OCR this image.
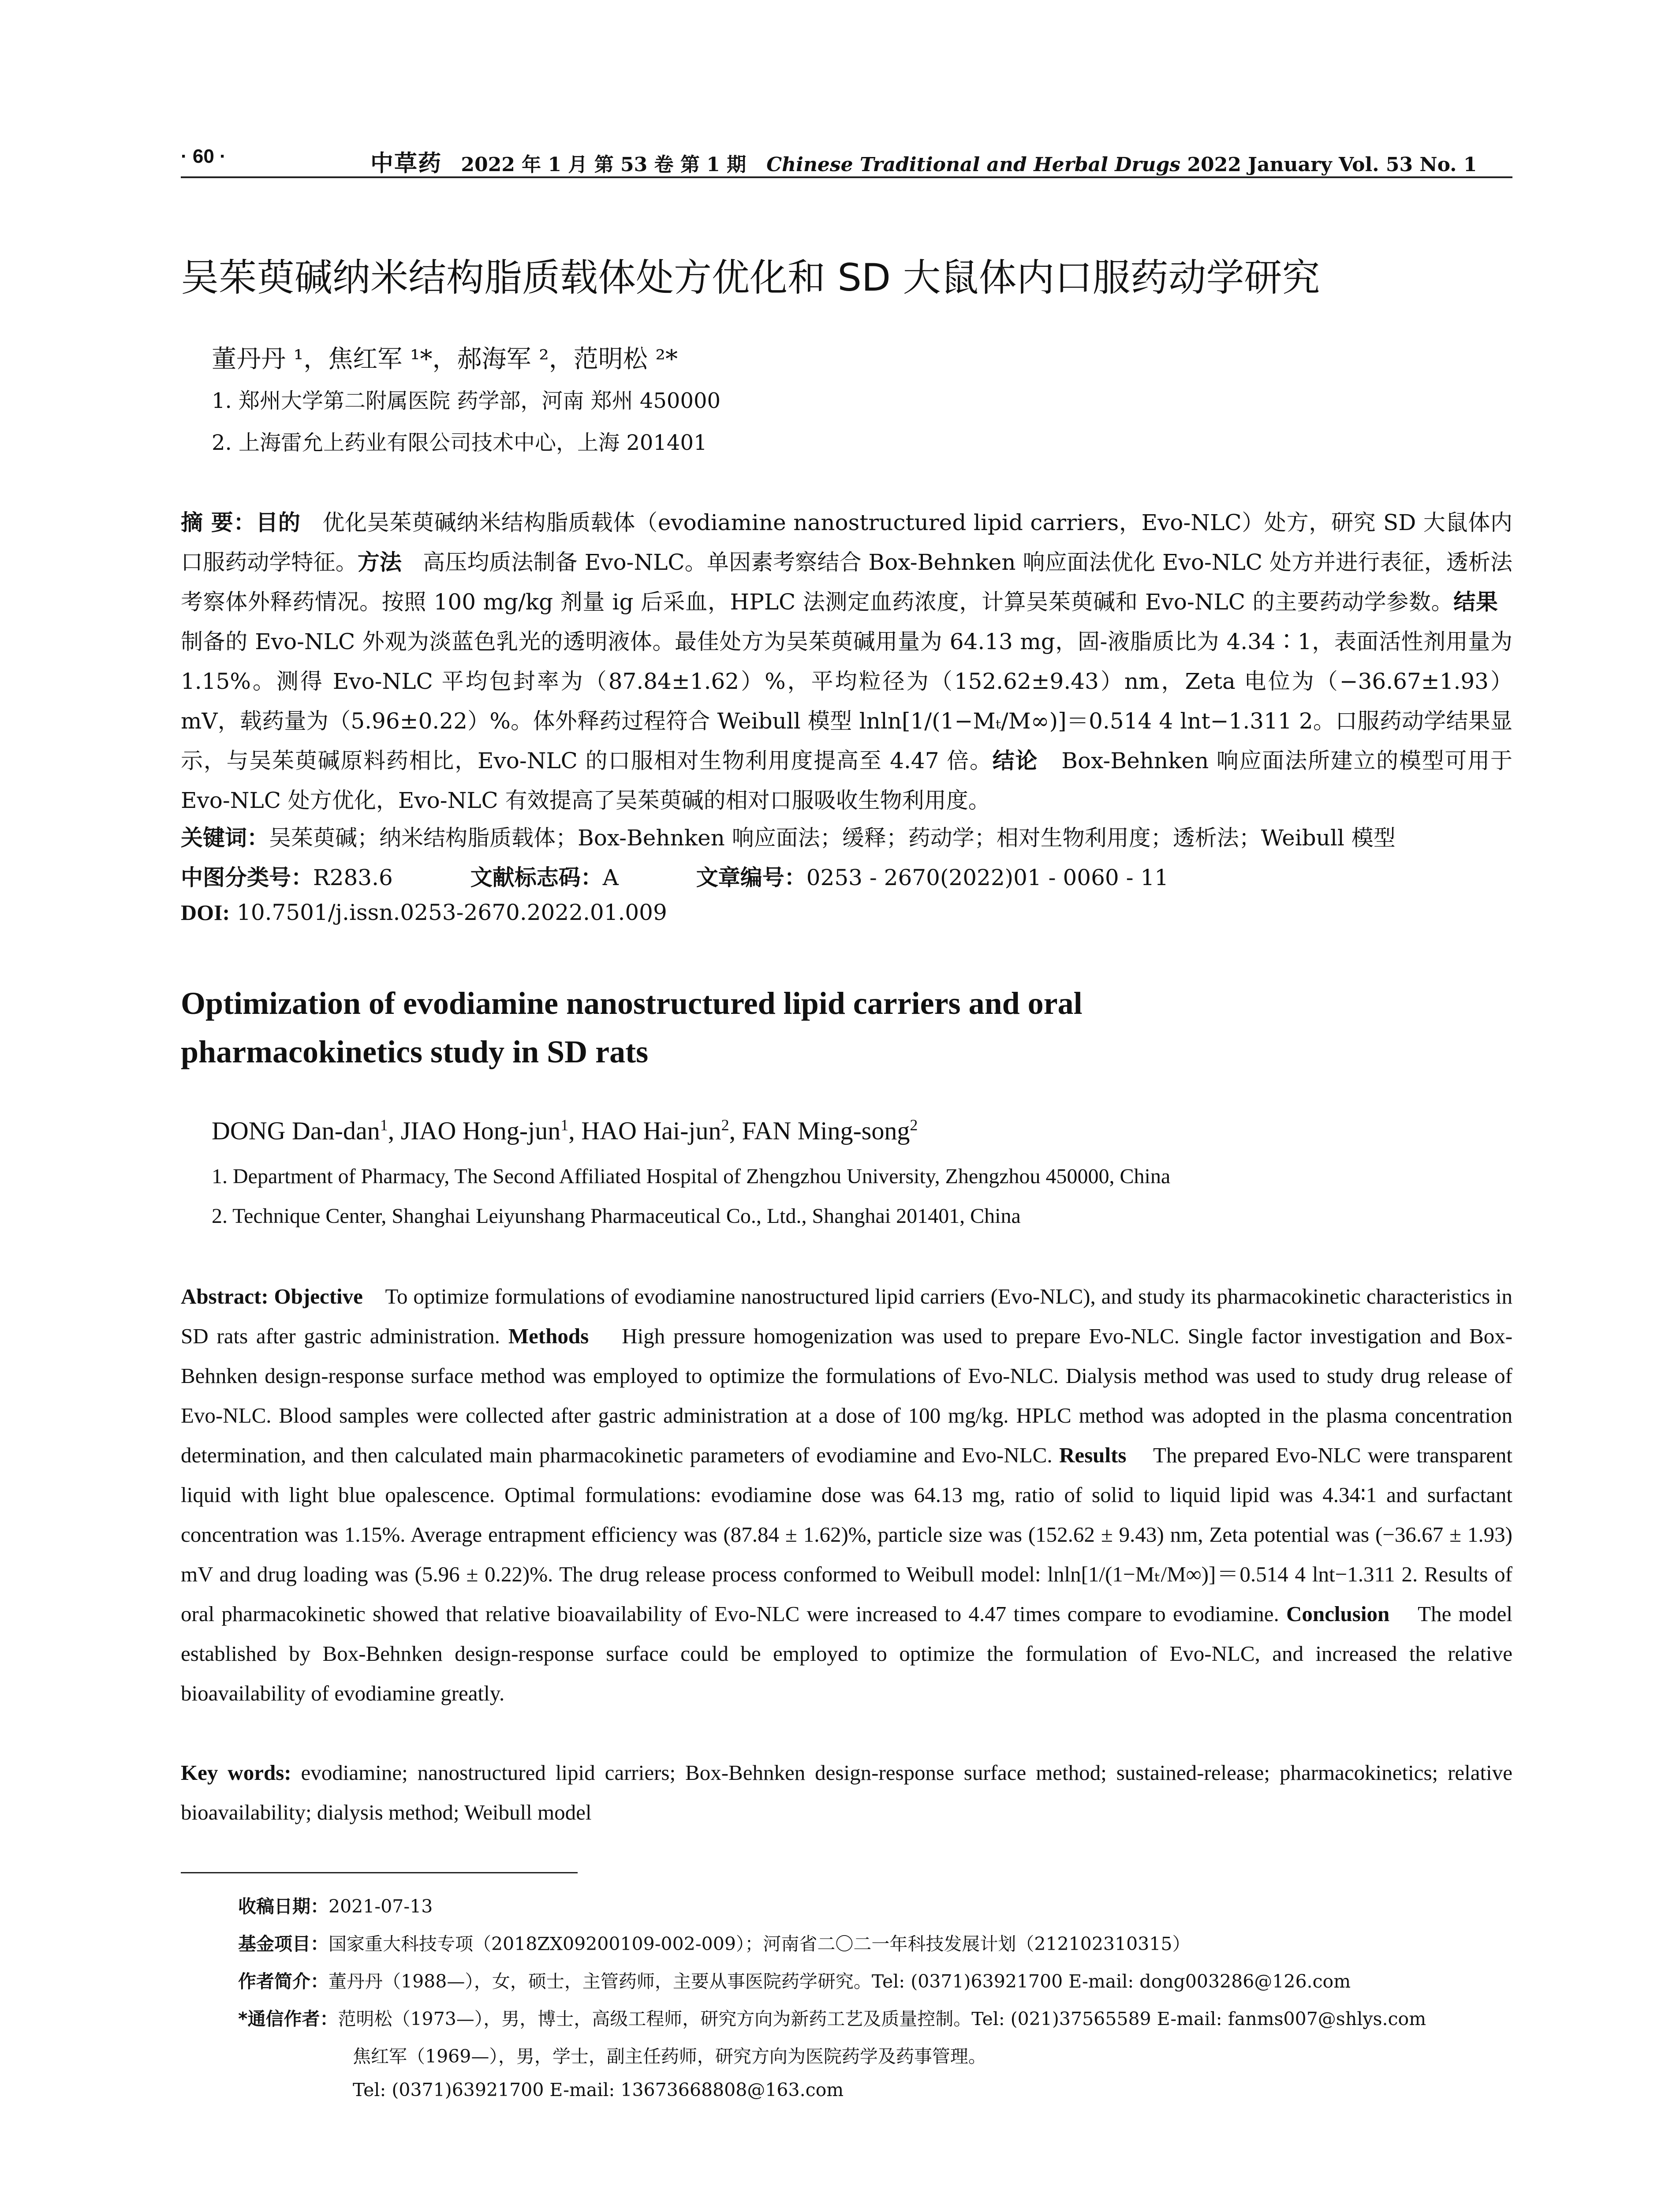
· 60 ·	中草药 2022 年 1 月 第 53 卷 第 1 期 Chinese Traditional and Herbal Drugs 2022 January Vol. 53 No. 1
吴茱萸碱纳米结构脂质载体处方优化和 SD 大鼠体内口服药动学研究
董丹丹 ¹，焦红军 ¹*，郝海军 ²，范明松 ²*
1. 郑州大学第二附属医院 药学部，河南 郑州 450000
2. 上海雷允上药业有限公司技术中心，上海 201401
摘 要：目的 优化吴茱萸碱纳米结构脂质载体（evodiamine nanostructured lipid carriers，Evo-NLC）处方，研究 SD 大鼠体内口服药动学特征。方法 高压均质法制备 Evo-NLC。单因素考察结合 Box-Behnken 响应面法优化 Evo-NLC 处方并进行表征，透析法考察体外释药情况。按照 100 mg/kg 剂量 ig 后采血，HPLC 法测定血药浓度，计算吴茱萸碱和 Evo-NLC 的主要药动学参数。结果   制备的 Evo-NLC 外观为淡蓝色乳光的透明液体。最佳处方为吴茱萸碱用量为 64.13 mg，固-液脂质比为 4.34∶1，表面活性剂用量为 1.15%。测得 Evo-NLC 平均包封率为（87.84±1.62）%，平均粒径为（152.62±9.43）nm，Zeta 电位为（−36.67±1.93）mV，载药量为（5.96±0.22）%。体外释药过程符合 Weibull 模型 lnln[1/(1−Mₜ/M∞)]＝0.514 4 lnt−1.311 2。口服药动学结果显示，与吴茱萸碱原料药相比，Evo-NLC 的口服相对生物利用度提高至 4.47 倍。结论 Box-Behnken 响应面法所建立的模型可用于 Evo-NLC 处方优化，Evo-NLC 有效提高了吴茱萸碱的相对口服吸收生物利用度。
关键词：吴茱萸碱；纳米结构脂质载体；Box-Behnken 响应面法；缓释；药动学；相对生物利用度；透析法；Weibull 模型
中图分类号：R283.6	文献标志码：A	文章编号：0253 - 2670(2022)01 - 0060 - 11
DOI: 10.7501/j.issn.0253-2670.2022.01.009
Optimization of evodiamine nanostructured lipid carriers and oral
pharmacokinetics study in SD rats
DONG Dan-dan$^1$, JIAO Hong-jun$^1$, HAO Hai-jun$^2$, FAN Ming-song$^2$
1. Department of Pharmacy, The Second Affiliated Hospital of Zhengzhou University, Zhengzhou 450000, China
2. Technique Center, Shanghai Leiyunshang Pharmaceutical Co., Ltd., Shanghai 201401, China
Abstract: Objective To optimize formulations of evodiamine nanostructured lipid carriers (Evo-NLC), and study its pharmacokinetic characteristics in SD rats after gastric administration. Methods High pressure homogenization was used to prepare Evo-NLC. Single factor investigation and Box-Behnken design-response surface method was employed to optimize the formulations of Evo-NLC. Dialysis method was used to study drug release of Evo-NLC. Blood samples were collected after gastric administration at a dose of 100 mg/kg. HPLC method was adopted in the plasma concentration determination, and then calculated main pharmacokinetic parameters of evodiamine and Evo-NLC. Results The prepared Evo-NLC were transparent liquid with light blue opalescence. Optimal formulations: evodiamine dose was 64.13 mg, ratio of solid to liquid lipid was 4.34∶1 and surfactant concentration was 1.15%. Average entrapment efficiency was (87.84 ± 1.62)%, particle size was (152.62 ± 9.43) nm, Zeta potential was (−36.67 ± 1.93) mV and drug loading was (5.96 ± 0.22)%. The drug release process conformed to Weibull model: lnln[1/(1−Mₜ/M∞)]＝0.514 4 lnt−1.311 2. Results of oral pharmacokinetic showed that relative bioavailability of Evo-NLC were increased to 4.47 times compare to evodiamine. Conclusion The model established by Box-Behnken design-response surface could be employed to optimize the formulation of Evo-NLC, and increased the relative bioavailability of evodiamine greatly.
Key words: evodiamine; nanostructured lipid carriers; Box-Behnken design-response surface method; sustained-release; pharmacokinetics; relative bioavailability; dialysis method; Weibull model
收稿日期：2021-07-13
基金项目：国家重大科技专项（2018ZX09200109-002-009）；河南省二〇二一年科技发展计划（212102310315）
作者简介：董丹丹（1988—），女，硕士，主管药师，主要从事医院药学研究。Tel: (0371)63921700 E-mail: dong003286@126.com
*通信作者：范明松（1973—），男，博士，高级工程师，研究方向为新药工艺及质量控制。Tel: (021)37565589 E-mail: fanms007@shlys.com
焦红军（1969—），男，学士，副主任药师，研究方向为医院药学及药事管理。
Tel: (0371)63921700 E-mail: 13673668808@163.com
